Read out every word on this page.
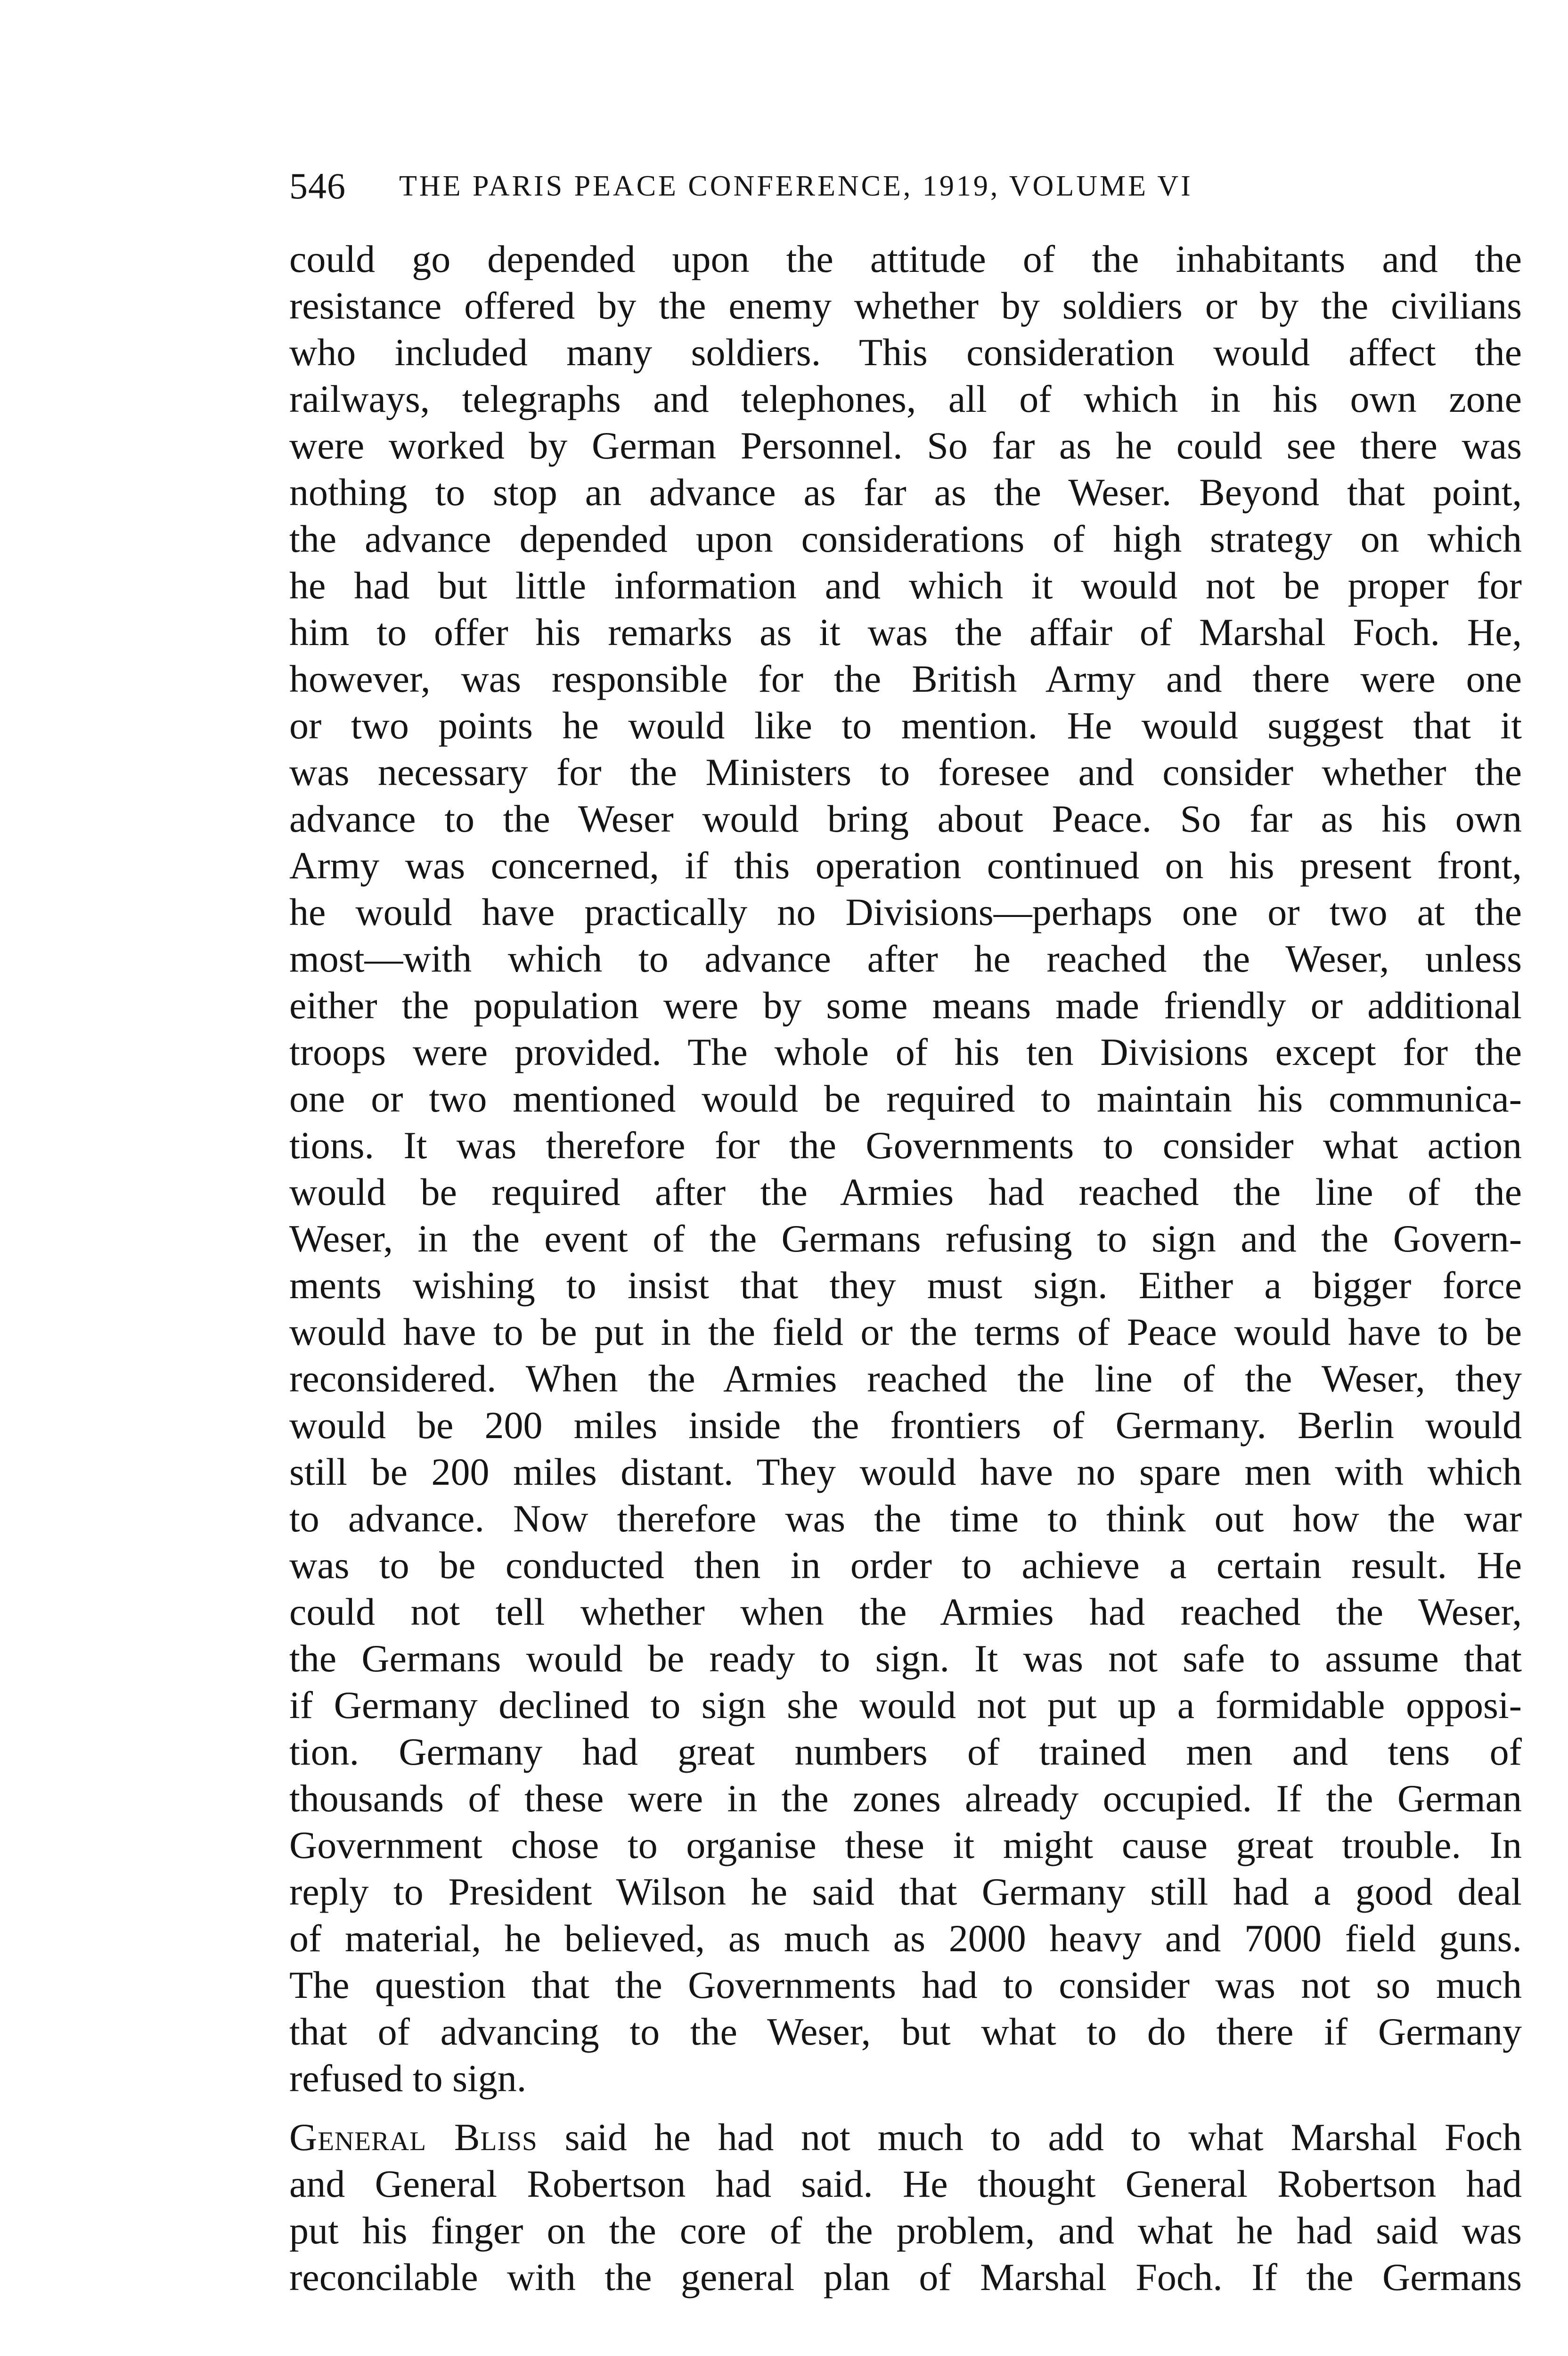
546 THE PARIS PEACE CONFERENCE, 1919, VOLUME VI
could go depended upon the attitude of the inhabitants and the
resistance offered by the enemy whether by soldiers or by the civilians
who included many soldiers. This consideration would affect the
railways, telegraphs and telephones, all of which in his own zone
were worked by German Personnel. So far as he could see there was
nothing to stop an advance as far as the Weser. Beyond that point,
the advance depended upon considerations of high strategy on which
he had but little information and which it would not be proper for
him to offer his remarks as it was the affair of Marshal Foch. He,
however, was responsible for the British Army and there were one
or two points he would like to mention. He would suggest that it
was necessary for the Ministers to foresee and consider whether the
advance to the Weser would bring about Peace. So far as his own
Army was concerned, if this operation continued on his present front,
he would have practically no Divisions—perhaps one or two at the
most—with which to advance after he reached the Weser, unless
either the population were by some means made friendly or additional
troops were provided. The whole of his ten Divisions except for the
one or two mentioned would be required to maintain his communica-
tions. It was therefore for the Governments to consider what action
would be required after the Armies had reached the line of the
Weser, in the event of the Germans refusing to sign and the Govern-
ments wishing to insist that they must sign. Either a bigger force
would have to be put in the field or the terms of Peace would have to be
reconsidered. When the Armies reached the line of the Weser, they
would be 200 miles inside the frontiers of Germany. Berlin would
still be 200 miles distant. They would have no spare men with which
to advance. Now therefore was the time to think out how the war
was to be conducted then in order to achieve a certain result. He
could not tell whether when the Armies had reached the Weser,
the Germans would be ready to sign. It was not safe to assume that
if Germany declined to sign she would not put up a formidable opposi-
tion. Germany had great numbers of trained men and tens of
thousands of these were in the zones already occupied. If the German
Government chose to organise these it might cause great trouble. In
reply to President Wilson he said that Germany still had a good deal
of material, he believed, as much as 2000 heavy and 7000 field guns.
The question that the Governments had to consider was not so much
that of advancing to the Weser, but what to do there if Germany
refused to sign.
General Bliss said he had not much to add to what Marshal Foch
and General Robertson had said. He thought General Robertson had
put his finger on the core of the problem, and what he had said was
reconcilable with the general plan of Marshal Foch. If the Germans
